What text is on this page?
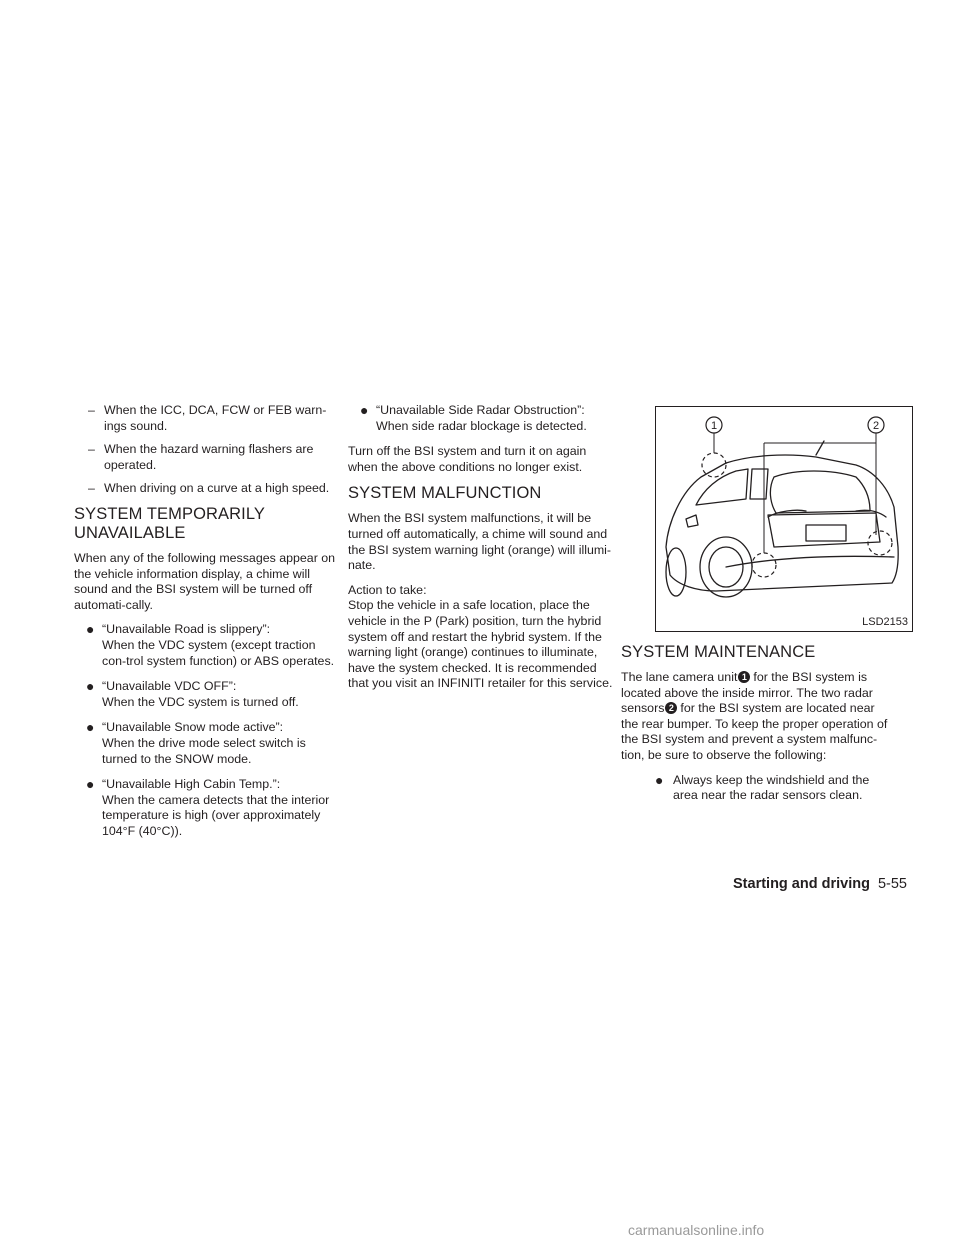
– When the ICC, DCA, FCW or FEB warn-ings sound.

– When the hazard warning flashers are operated.

– When driving on a curve at a high speed.

SYSTEM TEMPORARILY UNAVAILABLE

When any of the following messages appear on the vehicle information display, a chime will sound and the BSI system will be turned off automati-cally.

● “Unavailable Road is slippery”:
When the VDC system (except traction con-trol system function) or ABS operates.
● “Unavailable VDC OFF”:
When the VDC system is turned off.
● “Unavailable Snow mode active”:
When the drive mode select switch is turned to the SNOW mode.
● “Unavailable High Cabin Temp.”:
When the camera detects that the interior temperature is high (over approximately 104°F (40°C)).
● “Unavailable Side Radar Obstruction”:
When side radar blockage is detected.

Turn off the BSI system and turn it on again when the above conditions no longer exist.

SYSTEM MALFUNCTION

When the BSI system malfunctions, it will be turned off automatically, a chime will sound and the BSI system warning light (orange) will illumi-nate.

Action to take:
Stop the vehicle in a safe location, place the vehicle in the P (Park) position, turn the hybrid system off and restart the hybrid system. If the warning light (orange) continues to illuminate, have the system checked. It is recommended that you visit an INFINITI retailer for this service.

1	2
LSD2153
SYSTEM MAINTENANCE

The lane camera unit 1 for the BSI system is located above the inside mirror. The two radar sensors 2 for the BSI system are located near the rear bumper. To keep the proper operation of the BSI system and prevent a system malfunc-tion, be sure to observe the following:

● Always keep the windshield and the area near the radar sensors clean.
Starting and driving 5-55
carmanualsonline.info
